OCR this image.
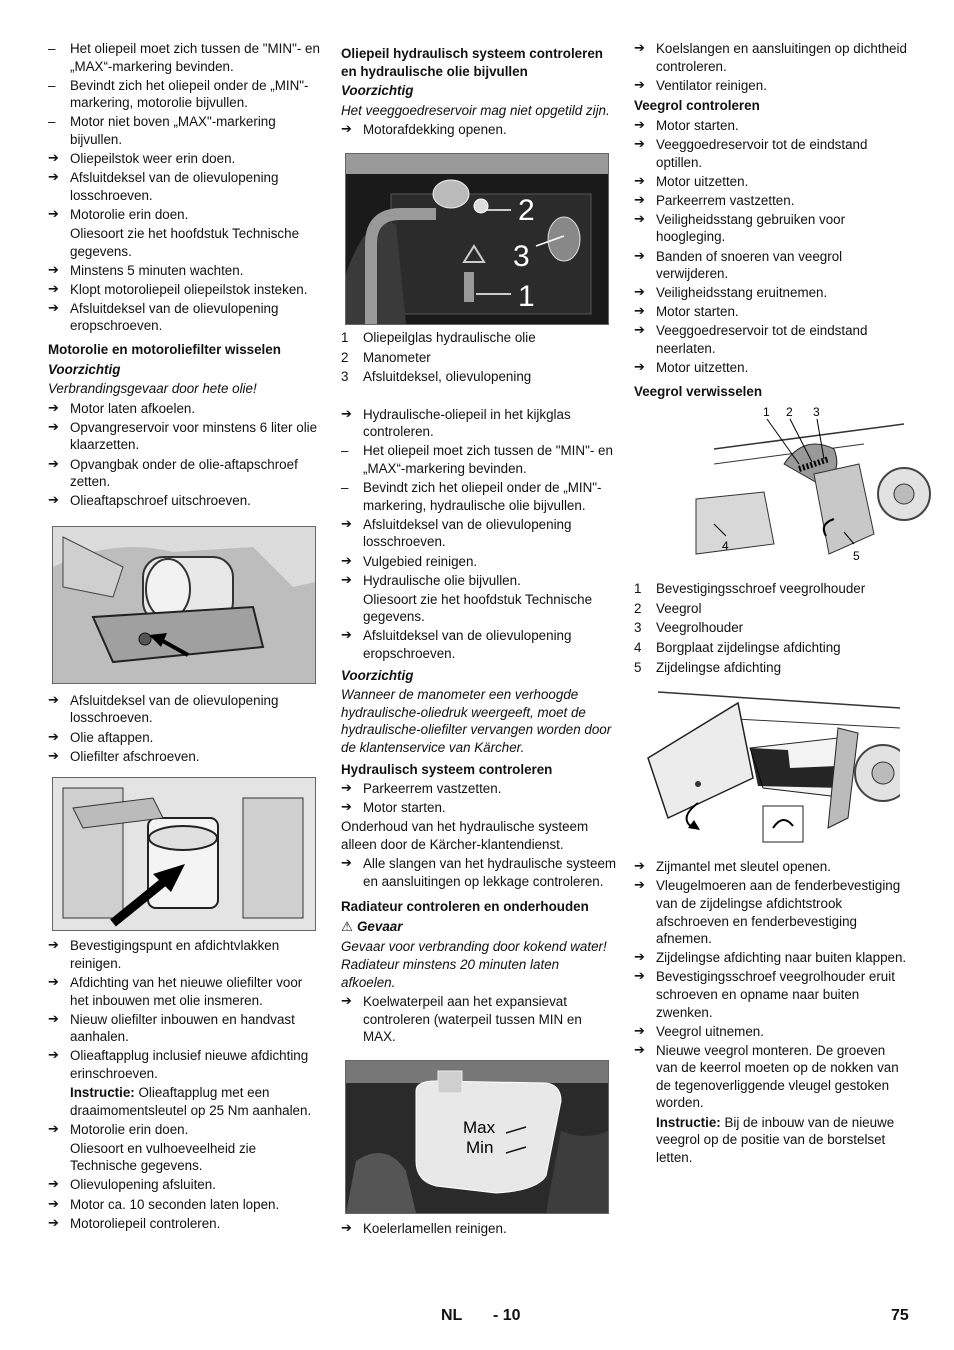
– Het oliepeil moet zich tussen de "MIN"- en „MAX“-markering bevinden.
– Bevindt zich het oliepeil onder de „MIN"-markering, motorolie bijvullen.
– Motor niet boven „MAX"-markering bijvullen.
➔ Oliepeilstok weer erin doen.
➔ Afsluitdeksel van de olievulopening losschroeven.
➔ Motorolie erin doen.
Oliesoort zie het hoofdstuk Technische gegevens.
➔ Minstens 5 minuten wachten.
➔ Klopt motoroliepeil oliepeilstok insteken.
➔ Afsluitdeksel van de olievulopening eropschroeven.
Motorolie en motoroliefilter wisselen
Voorzichtig
Verbrandingsgevaar door hete olie!
➔ Motor laten afkoelen.
➔ Opvangreservoir voor minstens 6 liter olie klaarzetten.
➔ Opvangbak onder de olie-aftapschroef zetten.
➔ Olieaftapschroef uitschroeven.
➔ Afsluitdeksel van de olievulopening losschroeven.
➔ Olie aftappen.
➔ Oliefilter afschroeven.
➔ Bevestigingspunt en afdichtvlakken reinigen.
➔ Afdichting van het nieuwe oliefilter voor het inbouwen met olie insmeren.
➔ Nieuw oliefilter inbouwen en handvast aanhalen.
➔ Olieaftapplug inclusief nieuwe afdichting erinschroeven.
Instructie: Olieaftapplug met een draaimomentsleutel op 25 Nm aanhalen.
➔ Motorolie erin doen.
Oliesoort en vulhoeveelheid zie Technische gegevens.
➔ Olievulopening afsluiten.
➔ Motor ca. 10 seconden laten lopen.
➔ Motoroliepeil controleren.
Oliepeil hydraulisch systeem controleren en hydraulische olie bijvullen
Voorzichtig
Het veeggoedreservoir mag niet opgetild zijn.
➔ Motorafdekking openen.
2
3
1
1 Oliepeilglas hydraulische olie
2 Manometer
3 Afsluitdeksel, olievulopening
➔ Hydraulische-oliepeil in het kijkglas controleren.
– Het oliepeil moet zich tussen de "MIN"- en „MAX“-markering bevinden.
– Bevindt zich het oliepeil onder de „MIN"-markering, hydraulische olie bijvullen.
➔ Afsluitdeksel van de olievulopening losschroeven.
➔ Vulgebied reinigen.
➔ Hydraulische olie bijvullen.
Oliesoort zie het hoofdstuk Technische gegevens.
➔ Afsluitdeksel van de olievulopening eropschroeven.
Voorzichtig
Wanneer de manometer een verhoogde hydraulische-oliedruk weergeeft, moet de hydraulische-oliefilter vervangen worden door de klantenservice van Kärcher.
Hydraulisch systeem controleren
➔ Parkeerrem vastzetten.
➔ Motor starten.
Onderhoud van het hydraulische systeem alleen door de Kärcher-klantendienst.
➔ Alle slangen van het hydraulische systeem en aansluitingen op lekkage controleren.
Radiateur controleren en onderhouden
⚠ Gevaar
Gevaar voor verbranding door kokend water! Radiateur minstens 20 minuten laten afkoelen.
➔ Koelwaterpeil aan het expansievat controleren (waterpeil tussen MIN en MAX.
Max
Min
➔ Koelerlamellen reinigen.
➔ Koelslangen en aansluitingen op dichtheid controleren.
➔ Ventilator reinigen.
Veegrol controleren
➔ Motor starten.
➔ Veeggoedreservoir tot de eindstand optillen.
➔ Motor uitzetten.
➔ Parkeerrem vastzetten.
➔ Veiligheidsstang gebruiken voor hoogleging.
➔ Banden of snoeren van veegrol verwijderen.
➔ Veiligheidsstang eruitnemen.
➔ Motor starten.
➔ Veeggoedreservoir tot de eindstand neerlaten.
➔ Motor uitzetten.
Veegrol verwisselen
1 2 3
4
5
1 Bevestigingsschroef veegrolhouder
2 Veegrol
3 Veegrolhouder
4 Borgplaat zijdelingse afdichting
5 Zijdelingse afdichting
➔ Zijmantel met sleutel openen.
➔ Vleugelmoeren aan de fenderbevestiging van de zijdelingse afdichtstrook afschroeven en fenderbevestiging afnemen.
➔ Zijdelingse afdichting naar buiten klappen.
➔ Bevestigingsschroef veegrolhouder eruit schroeven en opname naar buiten zwenken.
➔ Veegrol uitnemen.
➔ Nieuwe veegrol monteren. De groeven van de keerrol moeten op de nokken van de tegenoverliggende vleugel gestoken worden.
Instructie: Bij de inbouw van de nieuwe veegrol op de positie van de borstelset letten.
NL - 10	75
